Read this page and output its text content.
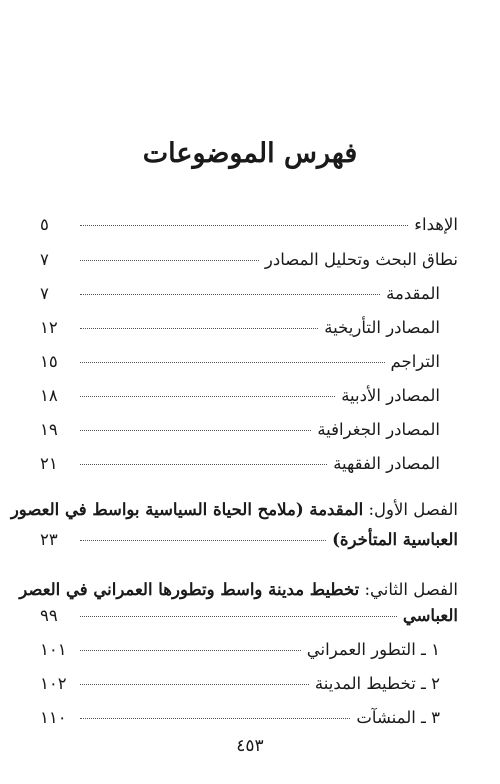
فهرس الموضوعات
الإهداء
٥
نطاق البحث وتحليل المصادر
٧
المقدمة
٧
المصادر التأريخية
١٢
التراجم
١٥
المصادر الأدبية
١٨
المصادر الجغرافية
١٩
المصادر الفقهية
٢١
الفصل الأول: المقدمة (ملامح الحياة السياسية بواسط في العصور
العباسية المتأخرة)
٢٣
الفصل الثاني: تخطيط مدينة واسط وتطورها العمراني في العصر
العباسي
٩٩
١ ـ التطور العمراني
١٠١
٢ ـ تخطيط المدينة
١٠٢
٣ ـ المنشآت
١١٠
٤٥٣
